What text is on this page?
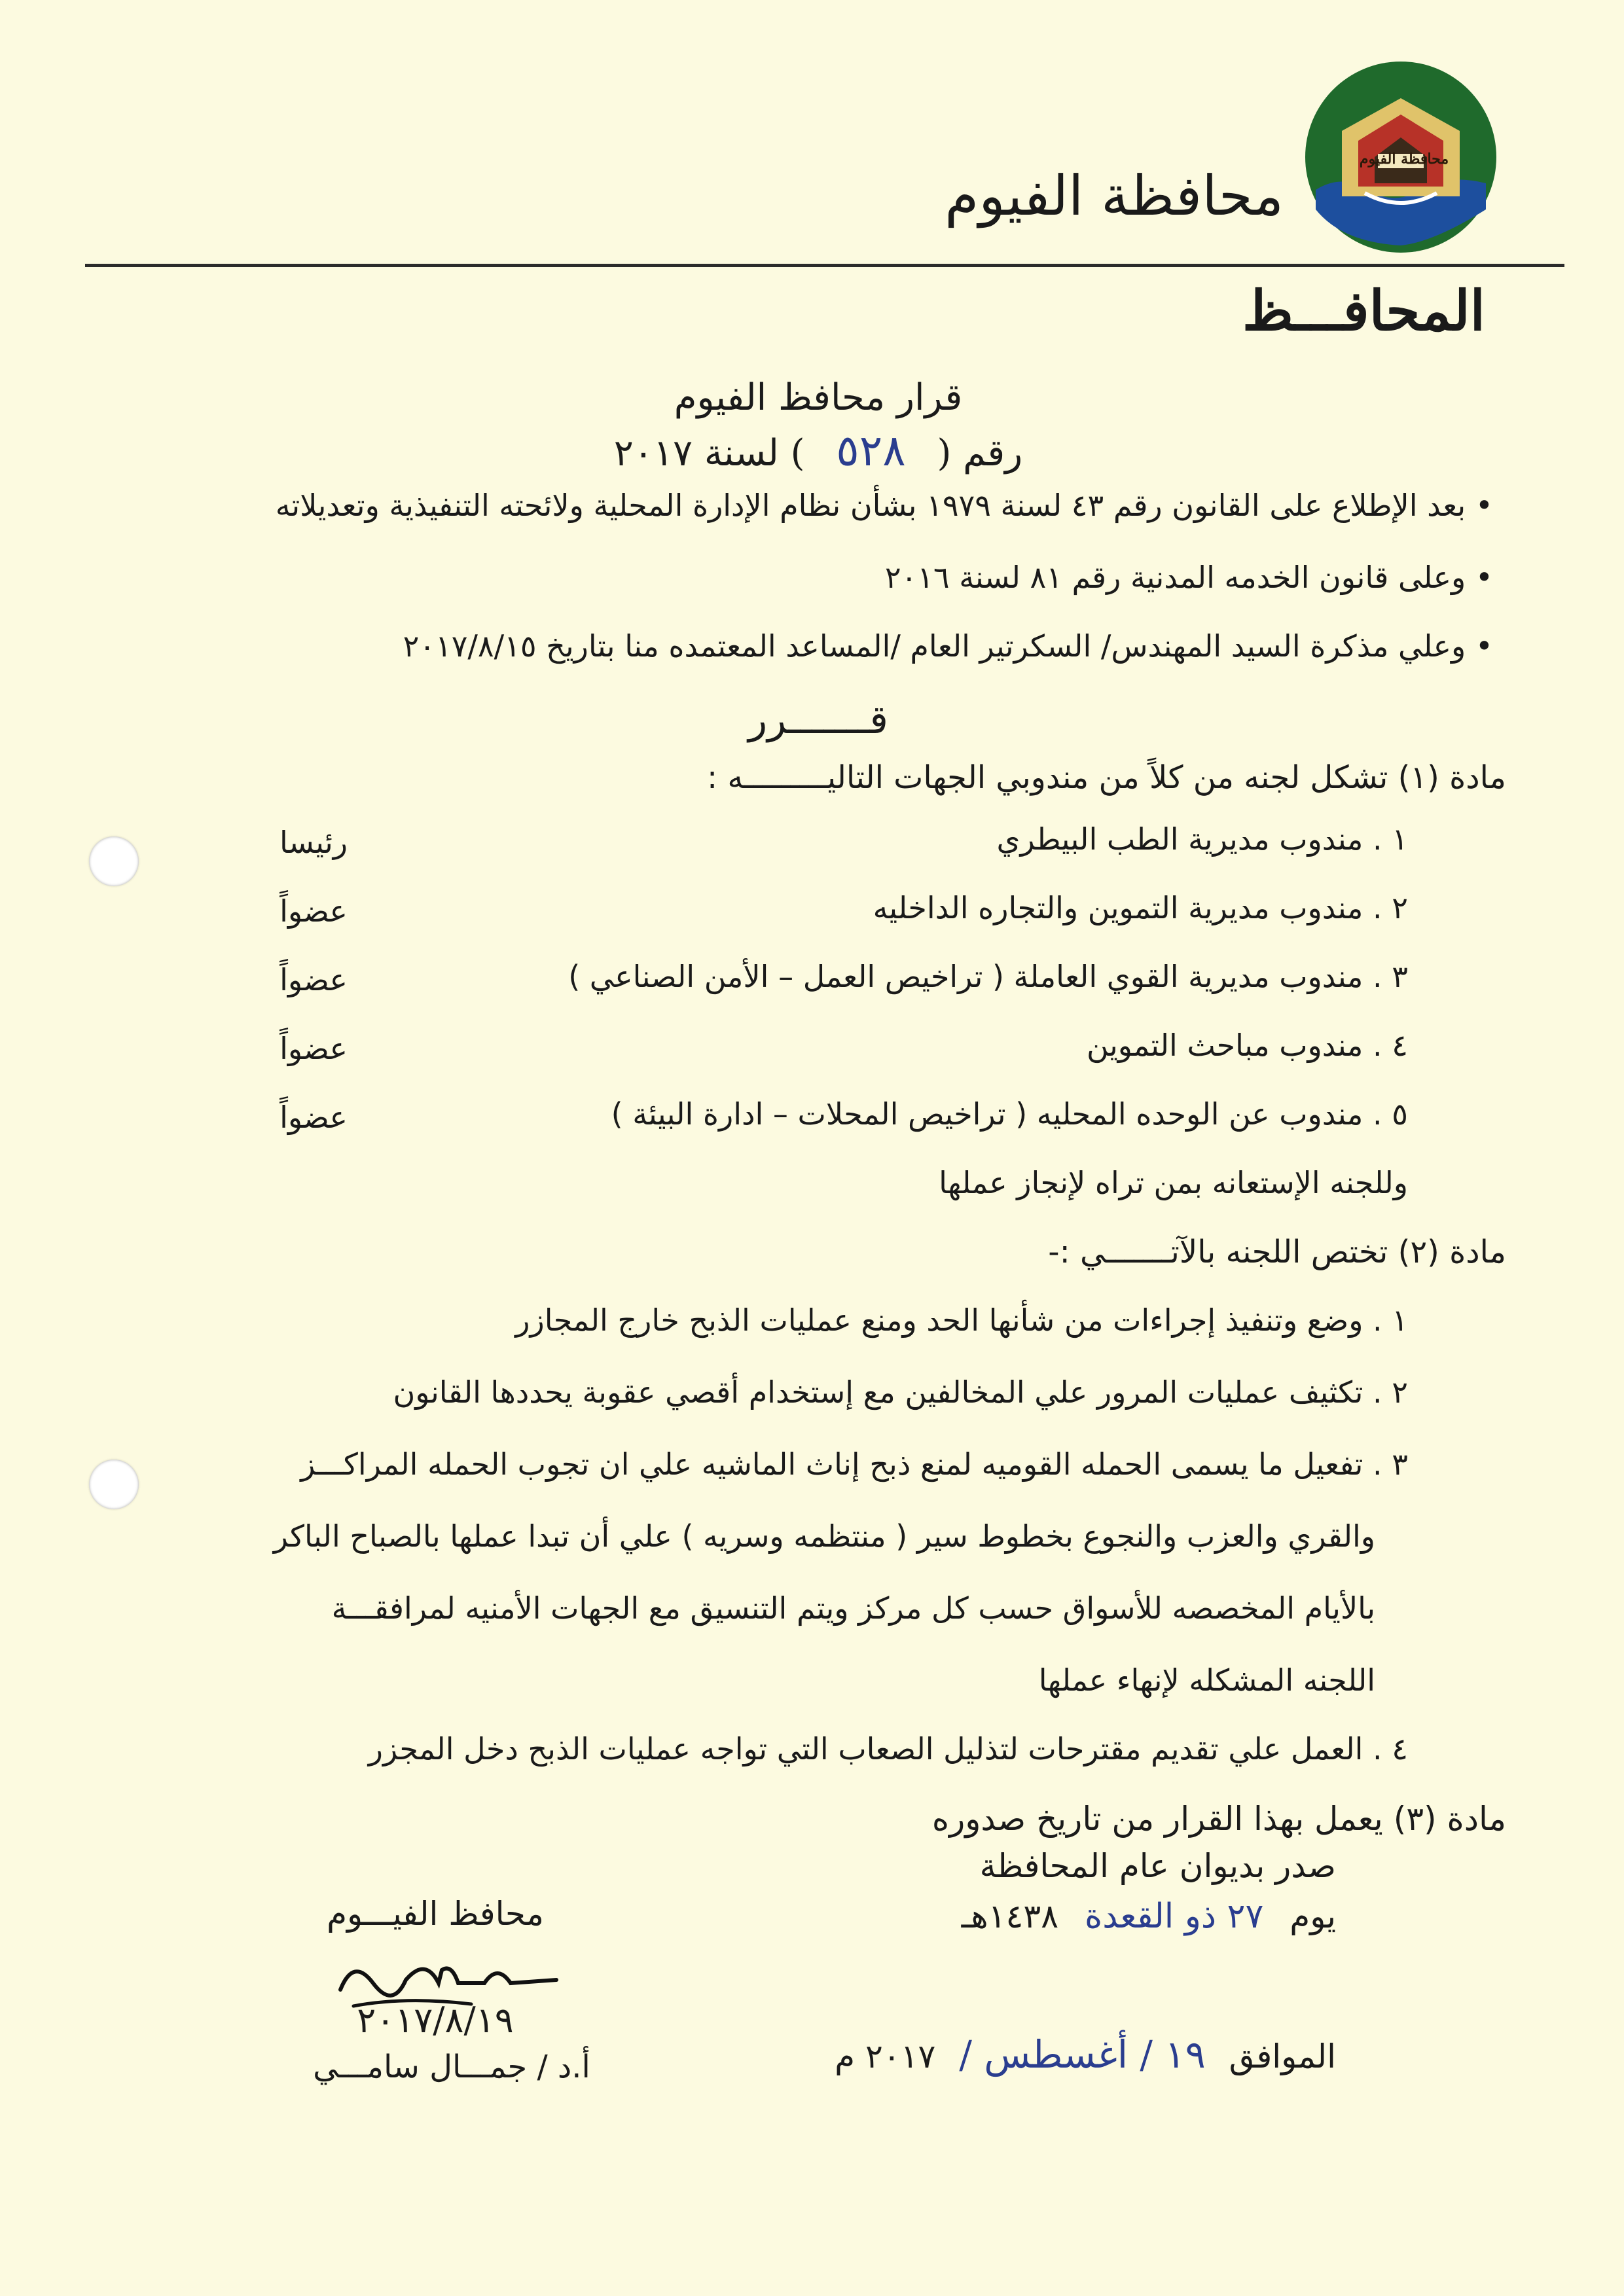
محافظة الفيوم
محافظة الفيوم
المحافـــظ
قرار محافظ الفيوم
رقم ( ٥٢٨ ) لسنة ٢٠١٧
• بعد الإطلاع على القانون رقم ٤٣ لسنة ١٩٧٩ بشأن نظام الإدارة المحلية ولائحته التنفيذية وتعديلاته
• وعلى قانون الخدمه المدنية رقم ٨١ لسنة ٢٠١٦
• وعلي مذكرة السيد المهندس/ السكرتير العام /المساعد المعتمده منا بتاريخ ٢٠١٧/٨/١٥
قـــــــرر
مادة (١) تشكل لجنه من كلاً من مندوبي الجهات التاليـــــــــه :
١ . مندوب مديرية الطب البيطري
رئيسا
٢ . مندوب مديرية التموين والتجاره الداخليه
عضواً
٣ . مندوب مديرية القوي العاملة ( تراخيص العمل – الأمن الصناعي )
عضواً
٤ . مندوب مباحث التموين
عضواً
٥ . مندوب عن الوحده المحليه ( تراخيص المحلات – ادارة البيئة )
عضواً
وللجنه الإستعانه بمن تراه لإنجاز عملها
مادة (٢) تختص اللجنه بالآتـــــــي :-
١ . وضع وتنفيذ إجراءات من شأنها الحد ومنع عمليات الذبح خارج المجازر
٢ . تكثيف عمليات المرور علي المخالفين مع إستخدام أقصي عقوبة يحددها القانون
٣ . تفعيل ما يسمى الحمله القوميه لمنع ذبح إناث الماشيه علي ان تجوب الحمله المراكـــز
والقري والعزب والنجوع بخطوط سير ( منتظمه وسريه ) علي أن تبدا عملها بالصباح الباكر
بالأيام المخصصه للأسواق حسب كل مركز ويتم التنسيق مع الجهات الأمنيه لمرافقـــة
اللجنه المشكله لإنهاء عملها
٤ . العمل علي تقديم مقترحات لتذليل الصعاب التي تواجه عمليات الذبح دخل المجزر
مادة (٣) يعمل بهذا القرار من تاريخ صدوره
صدر بديوان عام المحافظة
يوم ٢٧ ذو القعدة ١٤٣٨هـ
الموافق ١٩ / أغسطس / ٢٠١٧ م
محافظ الفيـــوم
٢٠١٧/٨/١٩
أ.د / جمـــال سامـــي
